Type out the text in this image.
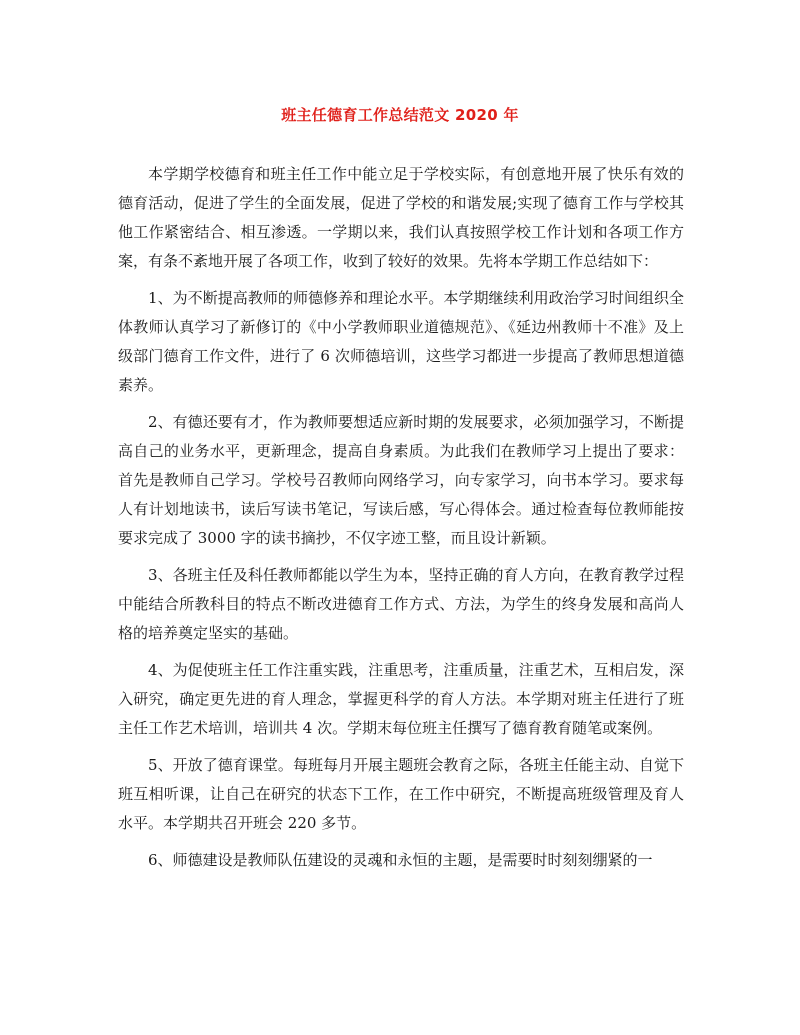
班主任德育工作总结范文 2020 年

本学期学校德育和班主任工作中能立足于学校实际，有创意地开展了快乐有效的德育活动，促进了学生的全面发展，促进了学校的和谐发展;实现了德育工作与学校其他工作紧密结合、相互渗透。一学期以来，我们认真按照学校工作计划和各项工作方案，有条不紊地开展了各项工作，收到了较好的效果。先将本学期工作总结如下：

1、为不断提高教师的师德修养和理论水平。本学期继续利用政治学习时间组织全体教师认真学习了新修订的《中小学教师职业道德规范》、《延边州教师十不准》及上级部门德育工作文件，进行了 6 次师德培训，这些学习都进一步提高了教师思想道德素养。

2、有德还要有才，作为教师要想适应新时期的发展要求，必须加强学习，不断提高自己的业务水平，更新理念，提高自身素质。为此我们在教师学习上提出了要求：首先是教师自己学习。学校号召教师向网络学习，向专家学习，向书本学习。要求每人有计划地读书，读后写读书笔记，写读后感，写心得体会。通过检查每位教师能按要求完成了 3000 字的读书摘抄，不仅字迹工整，而且设计新颖。

3、各班主任及科任教师都能以学生为本，坚持正确的育人方向，在教育教学过程中能结合所教科目的特点不断改进德育工作方式、方法，为学生的终身发展和高尚人格的培养奠定坚实的基础。

4、为促使班主任工作注重实践，注重思考，注重质量，注重艺术，互相启发，深入研究，确定更先进的育人理念，掌握更科学的育人方法。本学期对班主任进行了班主任工作艺术培训，培训共 4 次。学期末每位班主任撰写了德育教育随笔或案例。

5、开放了德育课堂。每班每月开展主题班会教育之际，各班主任能主动、自觉下班互相听课，让自己在研究的状态下工作，在工作中研究，不断提高班级管理及育人水平。本学期共召开班会 220 多节。

6、师德建设是教师队伍建设的灵魂和永恒的主题，是需要时时刻刻绷紧的一
